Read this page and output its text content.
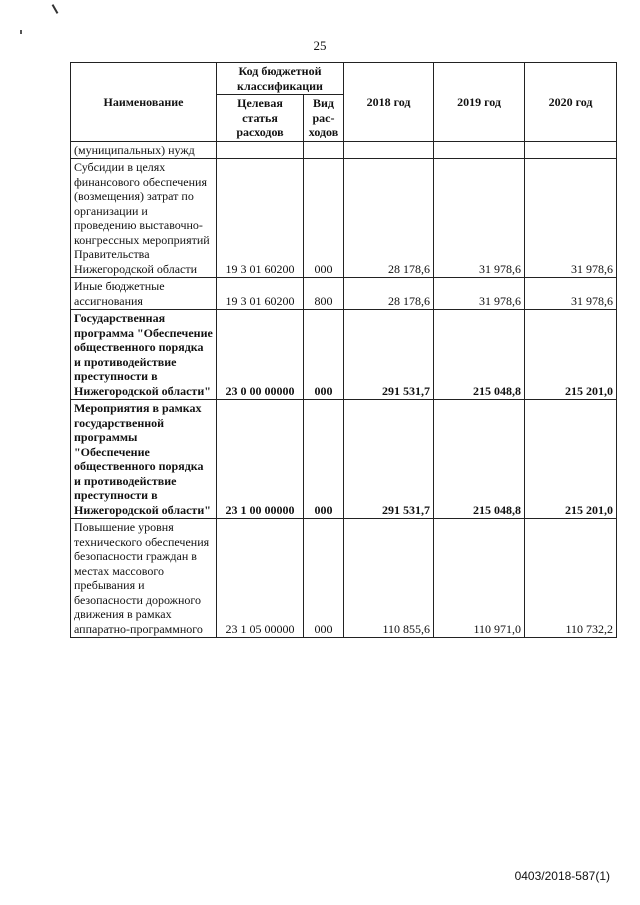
25
Наименование	Код бюджетной классификации		2018 год	2019 год	2020 год
	Целевая статья расходов	Вид рас-ходов			
(муниципальных) нужд					
Субсидии в целях финансового обеспечения (возмещения) затрат по организации и проведению выставочно-конгрессных мероприятий Правительства Нижегородской области	19 3 01 60200	000	28 178,6	31 978,6	31 978,6
Иные бюджетные ассигнования	19 3 01 60200	800	28 178,6	31 978,6	31 978,6
Государственная программа "Обеспечение общественного порядка и противодействие преступности в Нижегородской области"	23 0 00 00000	000	291 531,7	215 048,8	215 201,0
Мероприятия в рамках государственной программы "Обеспечение общественного порядка и противодействие преступности в Нижегородской области"	23 1 00 00000	000	291 531,7	215 048,8	215 201,0
Повышение уровня технического обеспечения безопасности граждан в местах массового пребывания и безопасности дорожного движения в рамках аппаратно-программного	23 1 05 00000	000	110 855,6	110 971,0	110 732,2
0403/2018-587(1)
